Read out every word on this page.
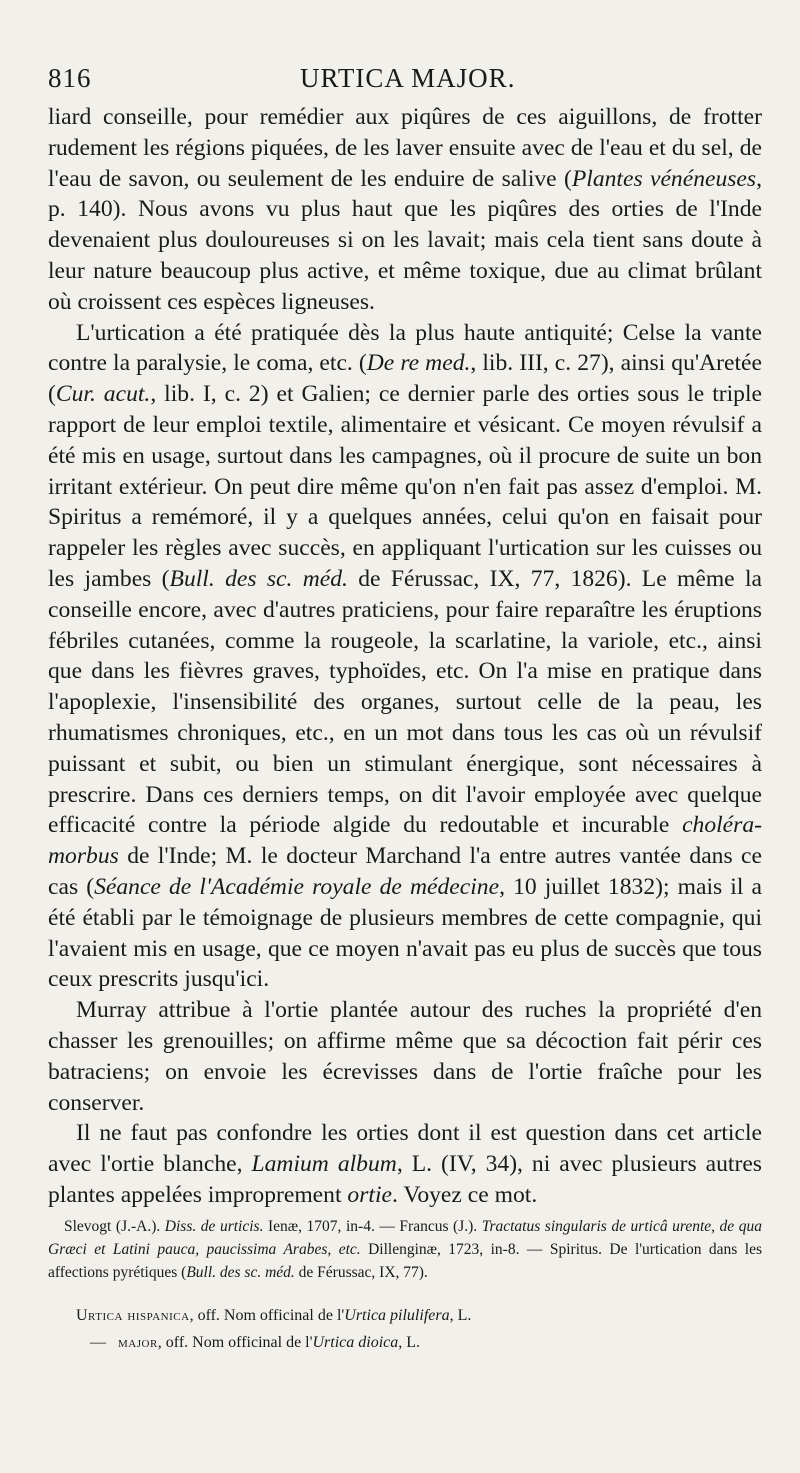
816	URTICA MAJOR.

liard conseille, pour remédier aux piqûres de ces aiguillons, de frotter rudement les régions piquées, de les laver ensuite avec de l'eau et du sel, de l'eau de savon, ou seulement de les enduire de salive (Plantes vénéneuses, p. 140). Nous avons vu plus haut que les piqûres des orties de l'Inde devenaient plus douloureuses si on les lavait; mais cela tient sans doute à leur nature beaucoup plus active, et même toxique, due au climat brûlant où croissent ces espèces ligneuses.

L'urtication a été pratiquée dès la plus haute antiquité; Celse la vante contre la paralysie, le coma, etc. (De re med., lib. III, c. 27), ainsi qu'Aretée (Cur. acut., lib. I, c. 2) et Galien; ce dernier parle des orties sous le triple rapport de leur emploi textile, alimentaire et vésicant. Ce moyen révulsif a été mis en usage, surtout dans les campagnes, où il procure de suite un bon irritant extérieur. On peut dire même qu'on n'en fait pas assez d'emploi. M. Spiritus a remémoré, il y a quelques années, celui qu'on en faisait pour rappeler les règles avec succès, en appliquant l'urtication sur les cuisses ou les jambes (Bull. des sc. méd. de Férussac, IX, 77, 1826). Le même la conseille encore, avec d'autres praticiens, pour faire reparaître les éruptions fébriles cutanées, comme la rougeole, la scarlatine, la variole, etc., ainsi que dans les fièvres graves, typhoïdes, etc. On l'a mise en pratique dans l'apoplexie, l'insensibilité des organes, surtout celle de la peau, les rhumatismes chroniques, etc., en un mot dans tous les cas où un révulsif puissant et subit, ou bien un stimulant énergique, sont nécessaires à prescrire. Dans ces derniers temps, on dit l'avoir employée avec quelque efficacité contre la période algide du redoutable et incurable choléra-morbus de l'Inde; M. le docteur Marchand l'a entre autres vantée dans ce cas (Séance de l'Académie royale de médecine, 10 juillet 1832); mais il a été établi par le témoignage de plusieurs membres de cette compagnie, qui l'avaient mis en usage, que ce moyen n'avait pas eu plus de succès que tous ceux prescrits jusqu'ici.

Murray attribue à l'ortie plantée autour des ruches la propriété d'en chasser les grenouilles; on affirme même que sa décoction fait périr ces batraciens; on envoie les écrevisses dans de l'ortie fraîche pour les conserver.

Il ne faut pas confondre les orties dont il est question dans cet article avec l'ortie blanche, Lamium album, L. (IV, 34), ni avec plusieurs autres plantes appelées improprement ortie. Voyez ce mot.

Slevogt (J.-A.). Diss. de urticis. Ienæ, 1707, in-4. — Francus (J.). Tractatus singularis de urticâ urente, de qua Græci et Latini pauca, paucissima Arabes, etc. Dillenginæ, 1723, in-8. — Spiritus. De l'urtication dans les affections pyrétiques (Bull. des sc. méd. de Férussac, IX, 77).

Urtica hispanica, off. Nom officinal de l'Urtica pilulifera, L.
— major, off. Nom officinal de l'Urtica dioica, L.
